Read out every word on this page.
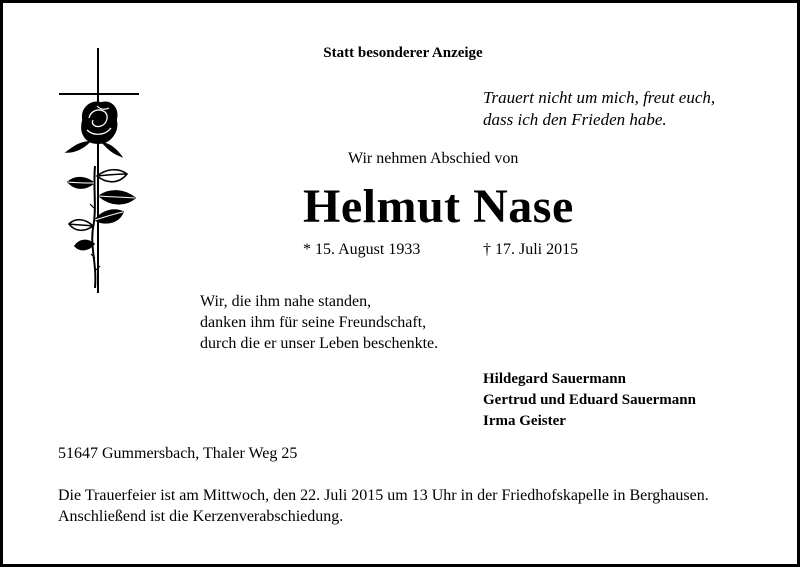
Statt besonderer Anzeige
Trauert nicht um mich, freut euch,
dass ich den Frieden habe.
Wir nehmen Abschied von
Helmut Nase
* 15. August 1933	† 17. Juli 2015
Wir, die ihm nahe standen,
danken ihm für seine Freundschaft,
durch die er unser Leben beschenkte.
Hildegard Sauermann
Gertrud und Eduard Sauermann
Irma Geister
51647 Gummersbach, Thaler Weg 25
Die Trauerfeier ist am Mittwoch, den 22. Juli 2015 um 13 Uhr in der Friedhofskapelle in Berghausen.
Anschließend ist die Kerzenverabschiedung.
